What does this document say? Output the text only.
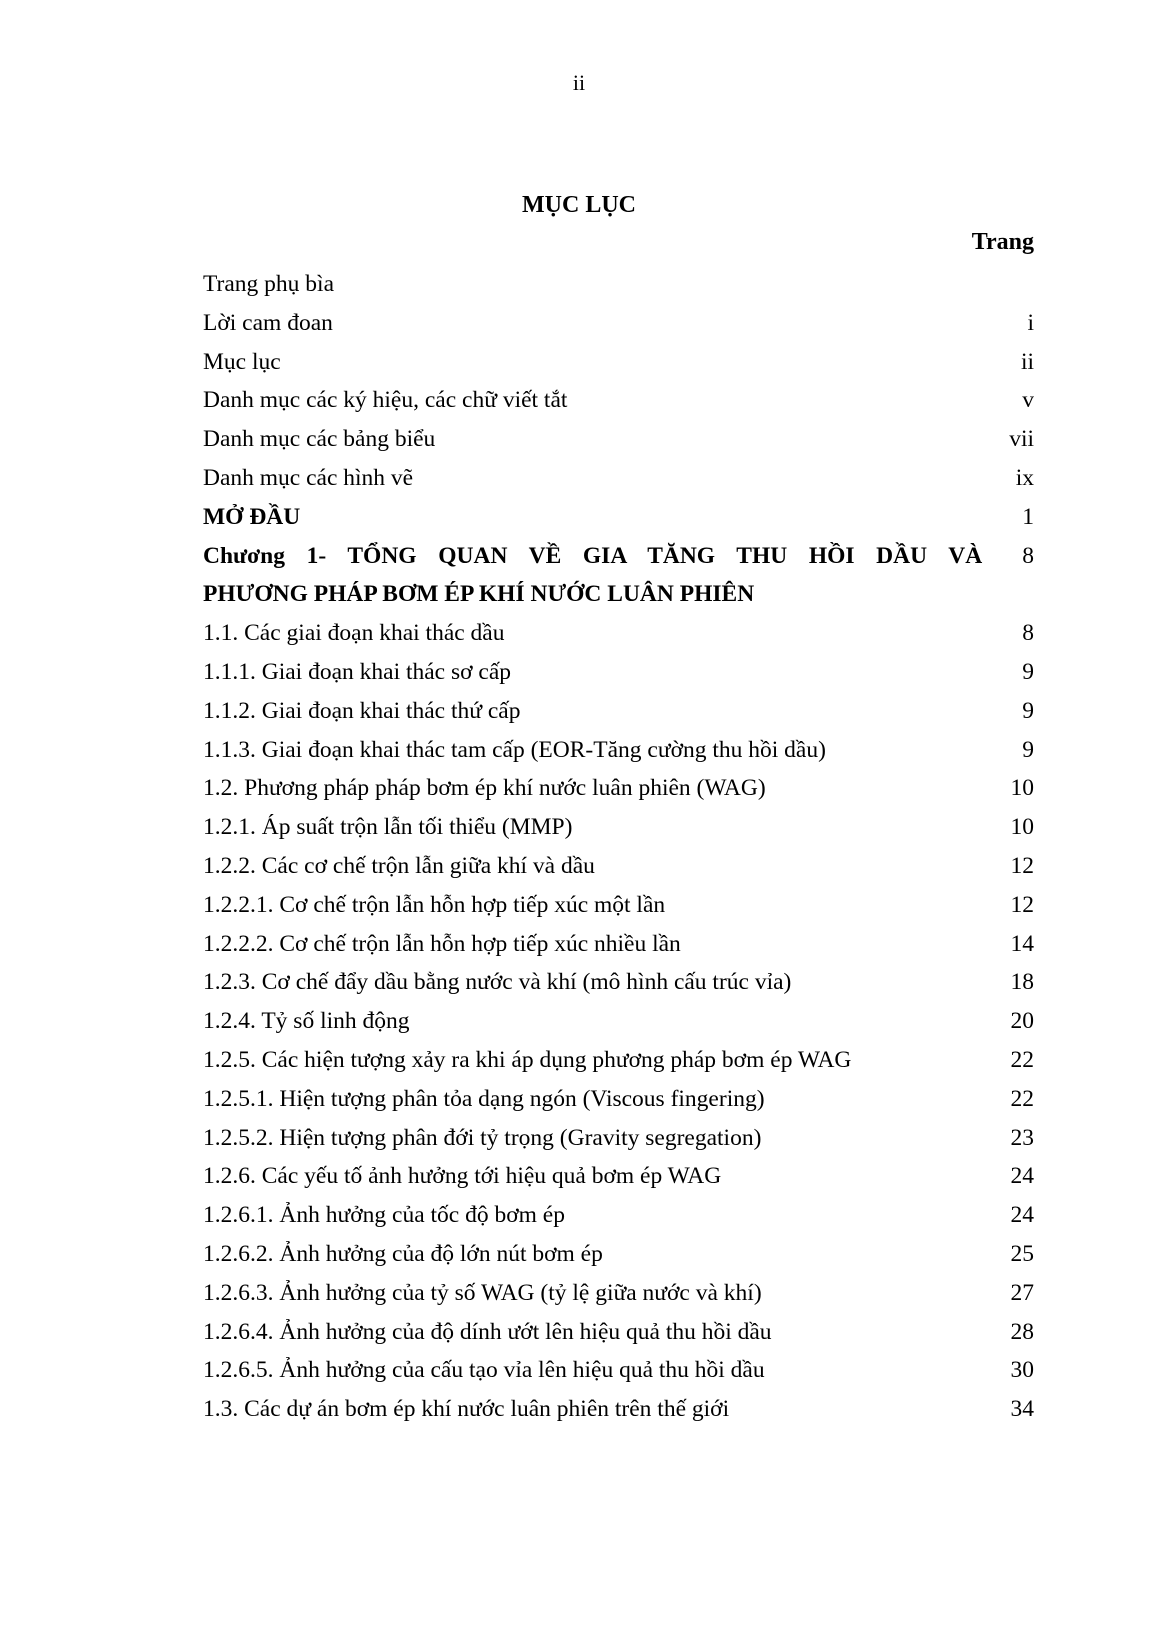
ii
MỤC LỤC
Trang
Trang phụ bìa
Lời cam đoan	i
Mục lục	ii
Danh mục các ký hiệu, các chữ viết tắt	v
Danh mục các bảng biểu	vii
Danh mục các hình vẽ	ix
MỞ ĐẦU	1
Chương 1- TỔNG QUAN VỀ GIA TĂNG THU HỒI DẦU VÀ	8
PHƯƠNG PHÁP BƠM ÉP KHÍ NƯỚC LUÂN PHIÊN
1.1. Các giai đoạn khai thác dầu	8
1.1.1. Giai đoạn khai thác sơ cấp	9
1.1.2. Giai đoạn khai thác thứ cấp	9
1.1.3. Giai đoạn khai thác tam cấp (EOR-Tăng cường thu hồi dầu)	9
1.2. Phương pháp pháp bơm ép khí nước luân phiên (WAG)	10
1.2.1. Áp suất trộn lẫn tối thiểu (MMP)	10
1.2.2. Các cơ chế trộn lẫn giữa khí và dầu	12
1.2.2.1. Cơ chế trộn lẫn hỗn hợp tiếp xúc một lần	12
1.2.2.2. Cơ chế trộn lẫn hỗn hợp tiếp xúc nhiều lần	14
1.2.3. Cơ chế đẩy dầu bằng nước và khí (mô hình cấu trúc vỉa)	18
1.2.4. Tỷ số linh động	20
1.2.5. Các hiện tượng xảy ra khi áp dụng phương pháp bơm ép WAG	22
1.2.5.1. Hiện tượng phân tỏa dạng ngón (Viscous fingering)	22
1.2.5.2. Hiện tượng phân đới tỷ trọng (Gravity segregation)	23
1.2.6. Các yếu tố ảnh hưởng tới hiệu quả bơm ép WAG	24
1.2.6.1. Ảnh hưởng của tốc độ bơm ép	24
1.2.6.2. Ảnh hưởng của độ lớn nút bơm ép	25
1.2.6.3. Ảnh hưởng của tỷ số WAG (tỷ lệ giữa nước và khí)	27
1.2.6.4. Ảnh hưởng của độ dính ướt lên hiệu quả thu hồi dầu	28
1.2.6.5. Ảnh hưởng của cấu tạo vỉa lên hiệu quả thu hồi dầu	30
1.3. Các dự án bơm ép khí nước luân phiên trên thế giới	34
